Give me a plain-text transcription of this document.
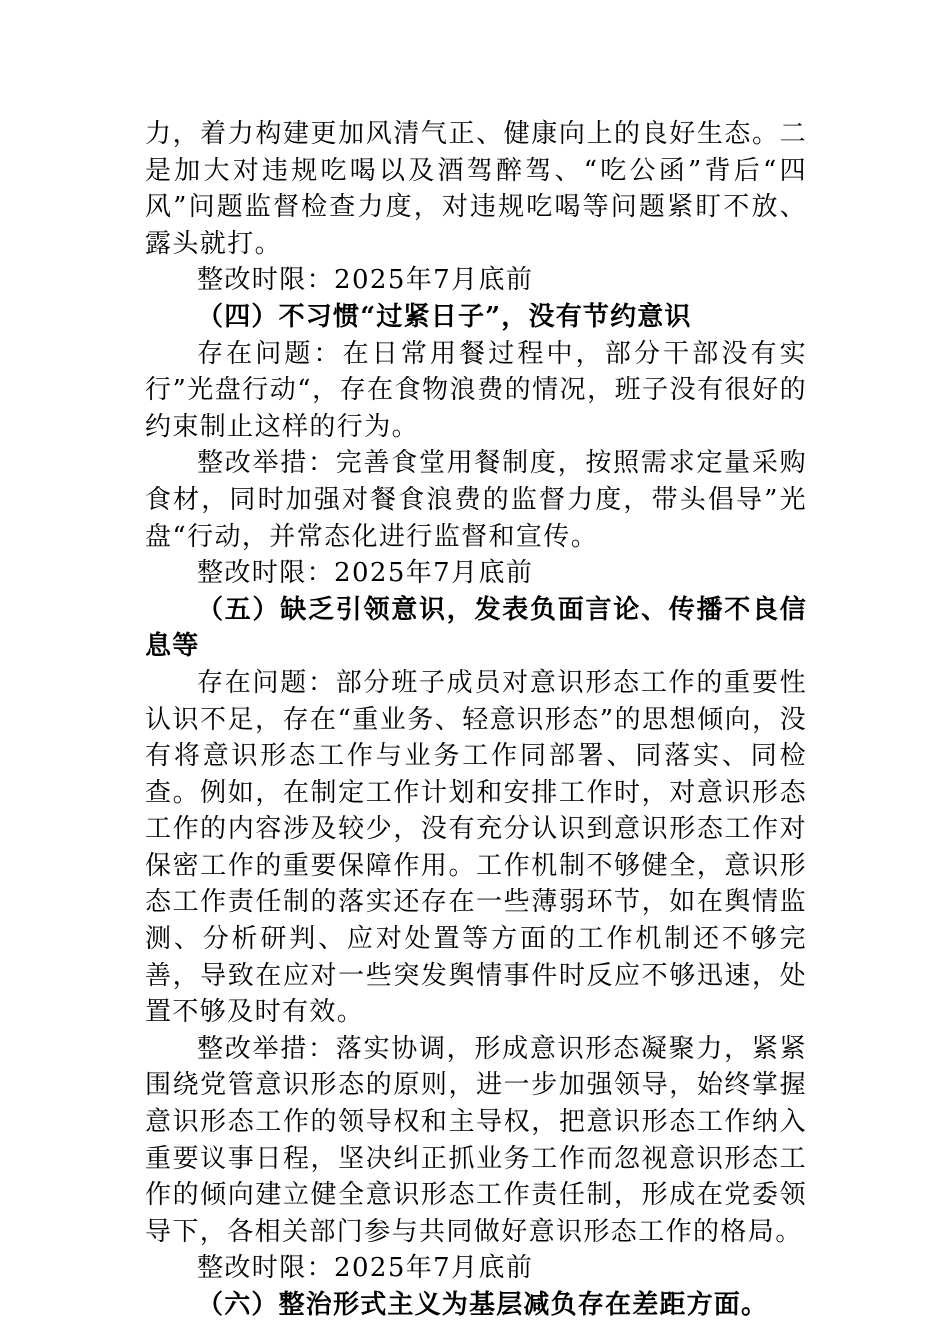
力，着力构建更加风清气正、健康向上的良好生态。二是加大对违规吃喝以及酒驾醉驾、“吃公函”背后“四风”问题监督检查力度，对违规吃喝等问题紧盯不放、露头就打。

整改时限：2025年7月底前

（四）不习惯“过紧日子”，没有节约意识

存在问题：在日常用餐过程中，部分干部没有实行”光盘行动“，存在食物浪费的情况，班子没有很好的约束制止这样的行为。

整改举措：完善食堂用餐制度，按照需求定量采购食材，同时加强对餐食浪费的监督力度，带头倡导”光盘“行动，并常态化进行监督和宣传。

整改时限：2025年7月底前

（五）缺乏引领意识，发表负面言论、传播不良信息等

存在问题：部分班子成员对意识形态工作的重要性认识不足，存在“重业务、轻意识形态”的思想倾向，没有将意识形态工作与业务工作同部署、同落实、同检查。例如，在制定工作计划和安排工作时，对意识形态工作的内容涉及较少，没有充分认识到意识形态工作对保密工作的重要保障作用。工作机制不够健全，意识形态工作责任制的落实还存在一些薄弱环节，如在舆情监测、分析研判、应对处置等方面的工作机制还不够完善，导致在应对一些突发舆情事件时反应不够迅速，处置不够及时有效。

整改举措：落实协调，形成意识形态凝聚力，紧紧围绕党管意识形态的原则，进一步加强领导，始终掌握意识形态工作的领导权和主导权，把意识形态工作纳入重要议事日程，坚决纠正抓业务工作而忽视意识形态工作的倾向建立健全意识形态工作责任制，形成在党委领导下，各相关部门参与共同做好意识形态工作的格局。

整改时限：2025年7月底前

（六）整治形式主义为基层减负存在差距方面。
